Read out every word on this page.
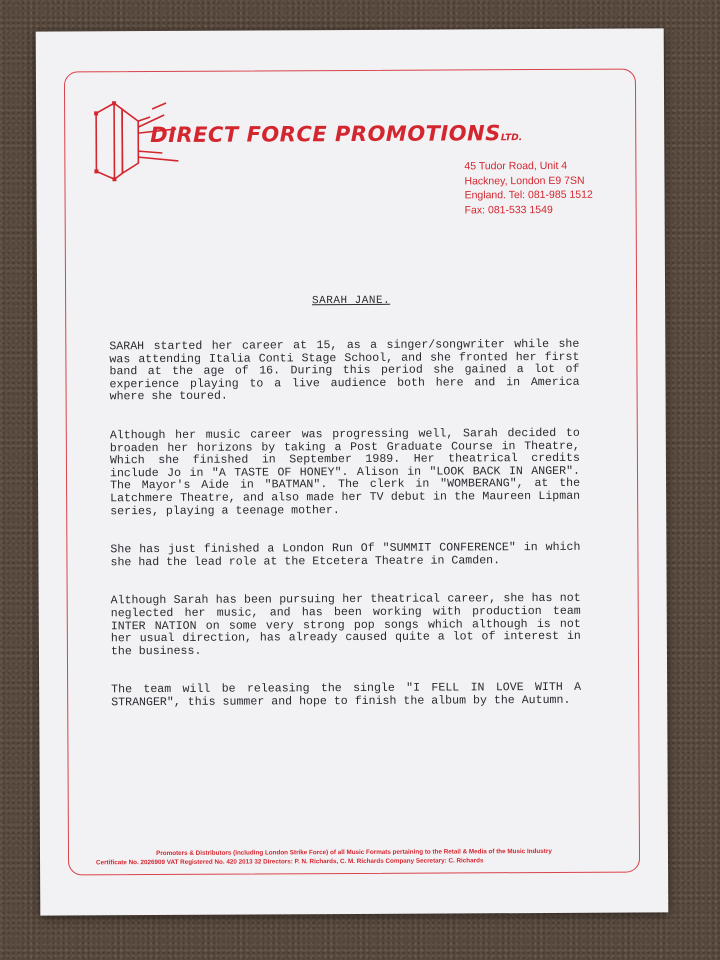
DIRECT FORCE PROMOTIONSLTD.
45 Tudor Road, Unit 4
Hackney, London E9 7SN
England. Tel: 081-985 1512
Fax: 081-533 1549
SARAH JANE.

SARAH started her career at 15, as a singer/songwriter while she was attending Italia Conti Stage School, and she fronted her first band at the age of 16. During this period she gained a lot of experience playing to a live audience both here and in America where she toured.

Although her music career was progressing well, Sarah decided to broaden her horizons by taking a Post Graduate Course in Theatre, Which she finished in September 1989. Her theatrical credits include Jo in "A TASTE OF HONEY". Alison in "LOOK BACK IN ANGER". The Mayor's Aide in "BATMAN". The clerk in "WOMBERANG", at the Latchmere Theatre, and also made her TV debut in the Maureen Lipman series, playing a teenage mother.

She has just finished a London Run Of "SUMMIT CONFERENCE" in which she had the lead role at the Etcetera Theatre in Camden.

Although Sarah has been pursuing her theatrical career, she has not neglected her music, and has been working with production team INTER NATION on some very strong pop songs which although is not her usual direction, has already caused quite a lot of interest in the business.

The team will be releasing the single "I FELL IN LOVE WITH A STRANGER", this summer and hope to finish the album by the Autumn.

Promoters & Distributors (including London Strike Force) of all Music Formats pertaining to the Retail & Media of the Music Industry
Certificate No. 2026909 VAT Registered No. 420 2013 32 Directors: P. N. Richards, C. M. Richards Company Secretary: C. Richards
